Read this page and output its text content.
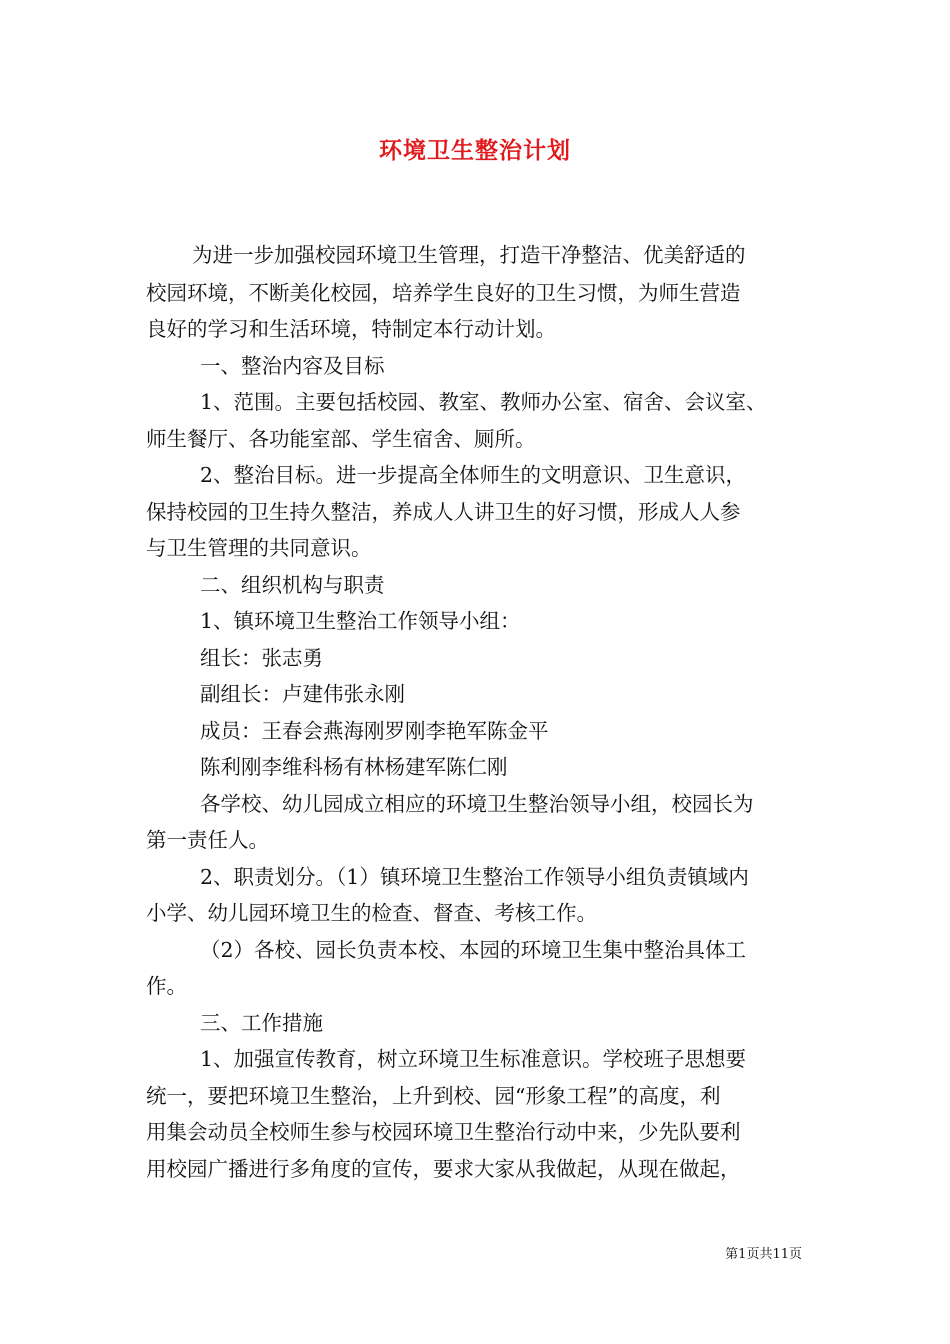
环境卫生整治计划
为进一步加强校园环境卫生管理，打造干净整洁、优美舒适的
校园环境，不断美化校园，培养学生良好的卫生习惯，为师生营造
良好的学习和生活环境，特制定本行动计划。
一、整治内容及目标
1、范围。主要包括校园、教室、教师办公室、宿舍、会议室、
师生餐厅、各功能室部、学生宿舍、厕所。
2、整治目标。进一步提高全体师生的文明意识、卫生意识，
保持校园的卫生持久整洁，养成人人讲卫生的好习惯，形成人人参
与卫生管理的共同意识。
二、组织机构与职责
1、镇环境卫生整治工作领导小组：
组长：张志勇
副组长：卢建伟张永刚
成员：王春会燕海刚罗刚李艳军陈金平
陈利刚李维科杨有林杨建军陈仁刚
各学校、幼儿园成立相应的环境卫生整治领导小组，校园长为
第一责任人。
2、职责划分。（1）镇环境卫生整治工作领导小组负责镇域内
小学、幼儿园环境卫生的检查、督查、考核工作。
（2）各校、园长负责本校、本园的环境卫生集中整治具体工
作。
三、工作措施
1、加强宣传教育，树立环境卫生标准意识。学校班子思想要
统一，要把环境卫生整治，上升到校、园“形象工程”的高度，利
用集会动员全校师生参与校园环境卫生整治行动中来，少先队要利
用校园广播进行多角度的宣传，要求大家从我做起，从现在做起，
第1页共11页
